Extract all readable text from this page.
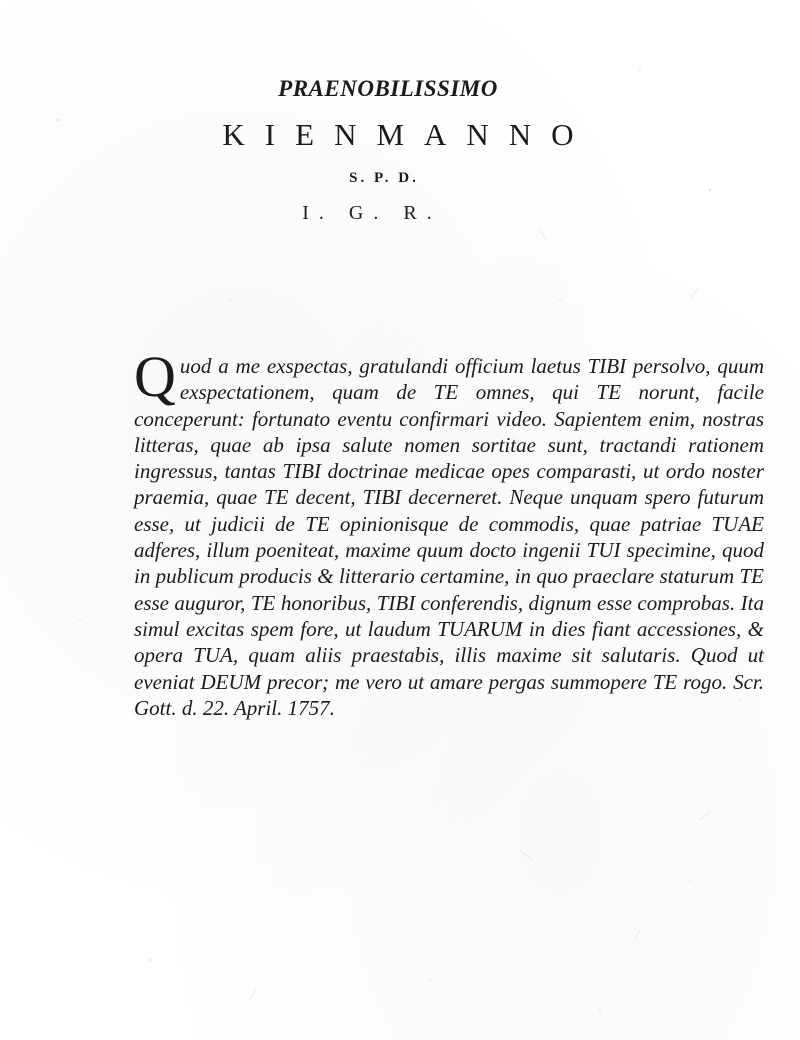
PRAENOBILISSIMO
KIENMANNO
S. P. D.
I. G. R.
Q uod a me exspectas, gratulandi officium laetus TIBI persolvo, quum exspectationem, quam de TE omnes, qui TE norunt, facile conceperunt: fortunato eventu confirmari video. Sapientem enim, nostras litteras, quae ab ipsa salute nomen sortitae sunt, tractandi rationem ingressus, tantas TIBI doctrinae medicae opes comparasti, ut ordo noster praemia, quae TE decent, TIBI decerneret. Neque unquam spero futurum esse, ut judicii de TE opinionisque de commodis, quae patriae TUAE adferes, illum poeniteat, maxime quum docto ingenii TUI specimine, quod in publicum producis & litterario certamine, in quo praeclare staturum TE esse auguror, TE honoribus, TIBI conferendis, dignum esse comprobas. Ita simul excitas spem fore, ut laudum TUARUM in dies fiant accessiones, & opera TUA, quam aliis praestabis, illis maxime sit salutaris. Quod ut eveniat DEUM precor; me vero ut amare pergas summopere TE rogo. Scr. Gott. d. 22. April. 1757.
